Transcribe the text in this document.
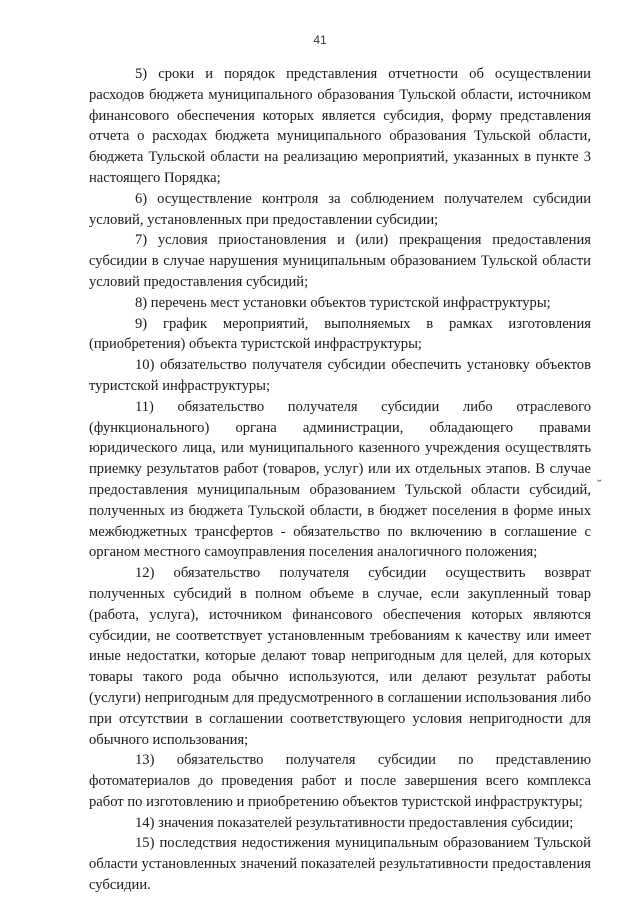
41

5) сроки и порядок представления отчетности об осуществлении расходов бюджета муниципального образования Тульской области, источником финансового обеспечения которых является субсидия, форму представления отчета о расходах бюджета муниципального образования Тульской области, бюджета Тульской области на реализацию мероприятий, указанных в пункте 3 настоящего Порядка;

6) осуществление контроля за соблюдением получателем субсидии условий, установленных при предоставлении субсидии;

7) условия приостановления и (или) прекращения предоставления субсидии в случае нарушения муниципальным образованием Тульской области условий предоставления субсидий;

8) перечень мест установки объектов туристской инфраструктуры;

9) график мероприятий, выполняемых в рамках изготовления (приобретения) объекта туристской инфраструктуры;

10) обязательство получателя субсидии обеспечить установку объектов туристской инфраструктуры;

11) обязательство получателя субсидии либо отраслевого (функционального) органа администрации, обладающего правами юридического лица, или муниципального казенного учреждения осуществлять приемку результатов работ (товаров, услуг) или их отдельных этапов. В случае предоставления муниципальным образованием Тульской области субсидий, полученных из бюджета Тульской области, в бюджет поселения в форме иных межбюджетных трансфертов - обязательство по включению в соглашение с органом местного самоуправления поселения аналогичного положения;

12) обязательство получателя субсидии осуществить возврат полученных субсидий в полном объеме в случае, если закупленный товар (работа, услуга), источником финансового обеспечения которых являются субсидии, не соответствует установленным требованиям к качеству или имеет иные недостатки, которые делают товар непригодным для целей, для которых товары такого рода обычно используются, или делают результат работы (услуги) непригодным для предусмотренного в соглашении использования либо при отсутствии в соглашении соответствующего условия непригодности для обычного использования;

13) обязательство получателя субсидии по представлению фотоматериалов до проведения работ и после завершения всего комплекса работ по изготовлению и приобретению объектов туристской инфраструктуры;

14) значения показателей результативности предоставления субсидии;

15) последствия недостижения муниципальным образованием Тульской области установленных значений показателей результативности предоставления субсидии.

˘
